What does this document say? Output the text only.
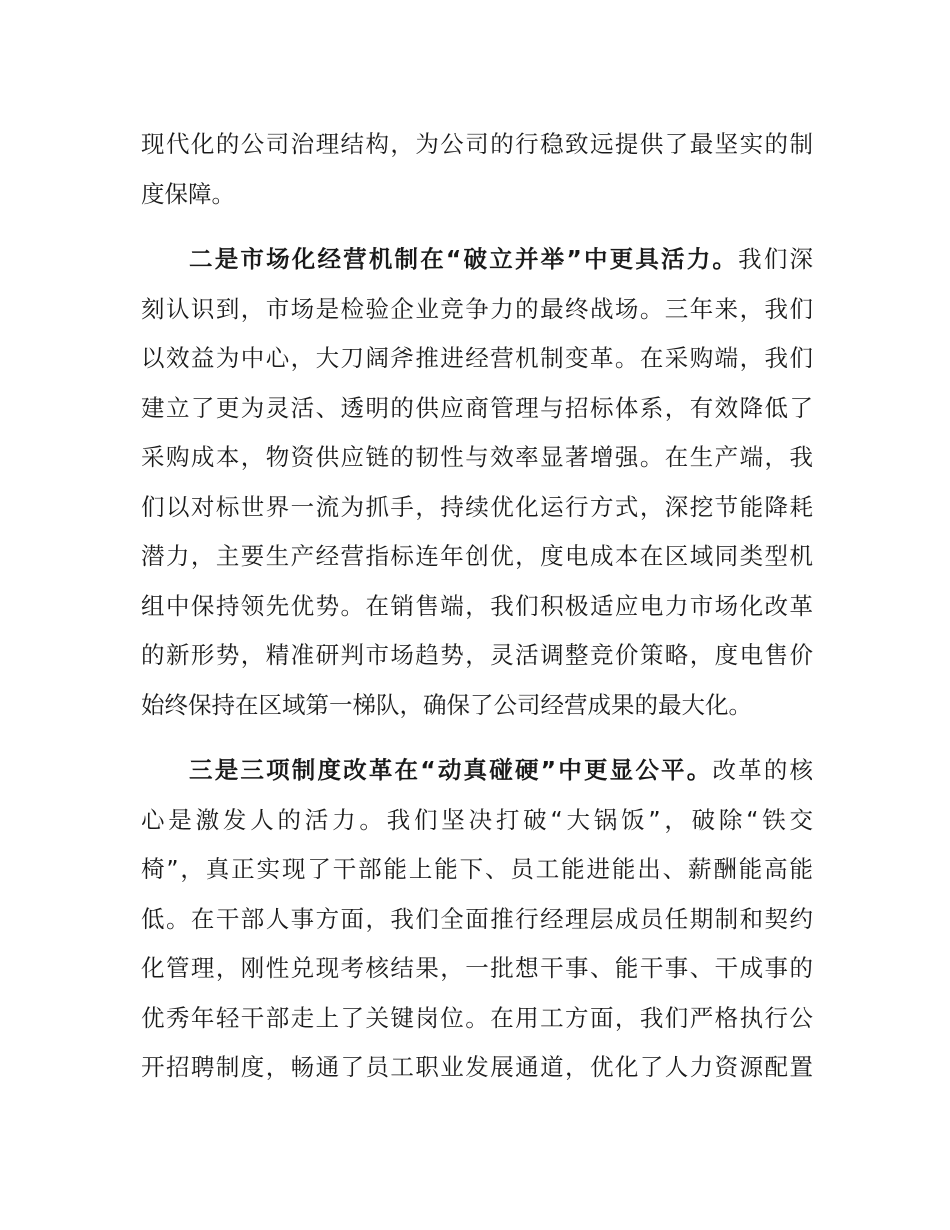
现代化的公司治理结构，为公司的行稳致远提供了最坚实的制
度保障。
二是市场化经营机制在“破立并举”中更具活力。我们深
刻认识到，市场是检验企业竞争力的最终战场。三年来，我们
以效益为中心，大刀阔斧推进经营机制变革。在采购端，我们
建立了更为灵活、透明的供应商管理与招标体系，有效降低了
采购成本，物资供应链的韧性与效率显著增强。在生产端，我
们以对标世界一流为抓手，持续优化运行方式，深挖节能降耗
潜力，主要生产经营指标连年创优，度电成本在区域同类型机
组中保持领先优势。在销售端，我们积极适应电力市场化改革
的新形势，精准研判市场趋势，灵活调整竞价策略，度电售价
始终保持在区域第一梯队，确保了公司经营成果的最大化。
三是三项制度改革在“动真碰硬”中更显公平。改革的核
心是激发人的活力。我们坚决打破“大锅饭”，破除“铁交
椅”，真正实现了干部能上能下、员工能进能出、薪酬能高能
低。在干部人事方面，我们全面推行经理层成员任期制和契约
化管理，刚性兑现考核结果，一批想干事、能干事、干成事的
优秀年轻干部走上了关键岗位。在用工方面，我们严格执行公
开招聘制度，畅通了员工职业发展通道，优化了人力资源配置
